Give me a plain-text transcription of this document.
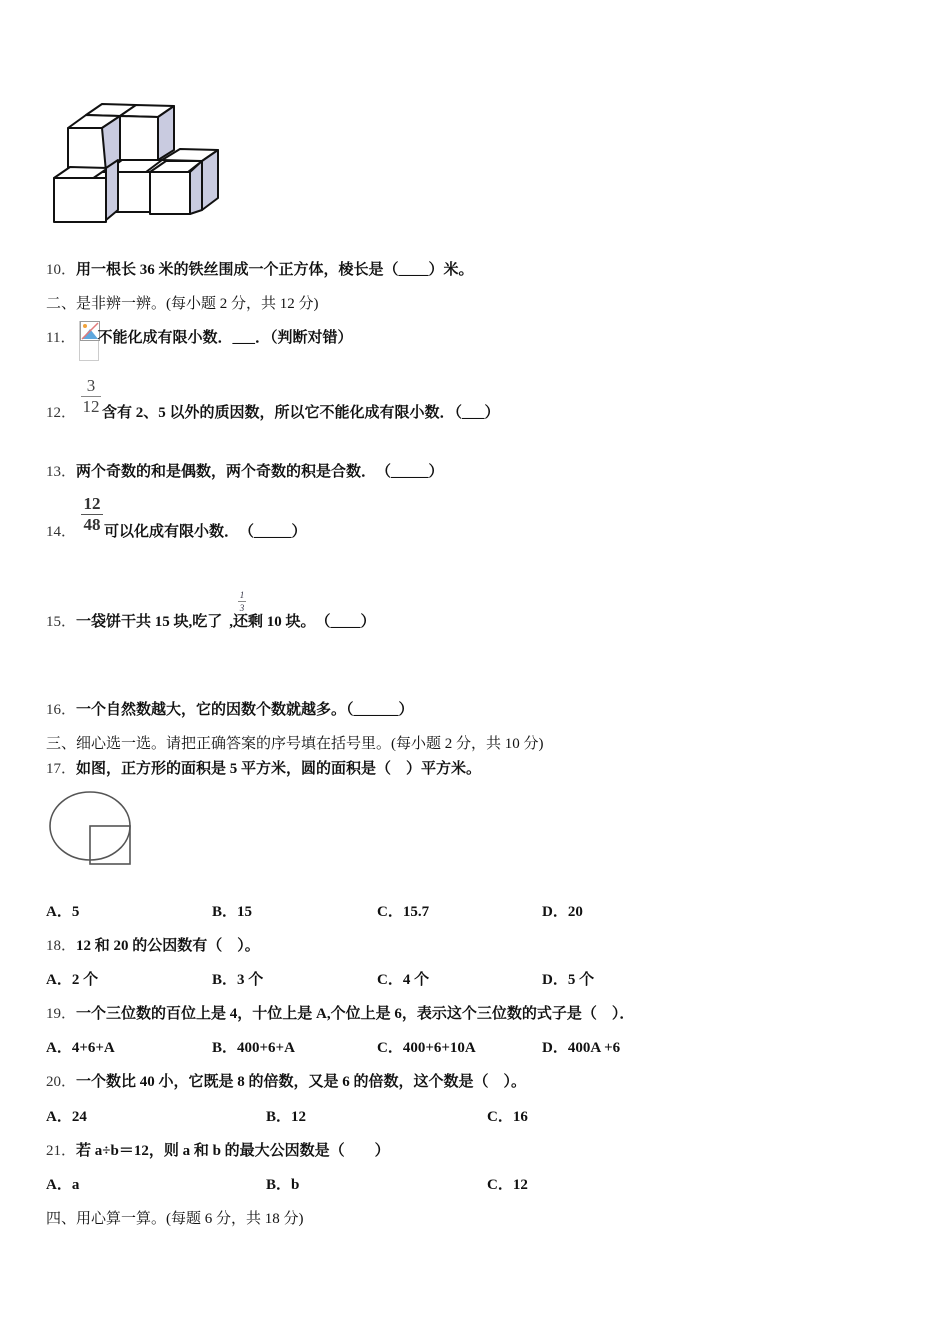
10．用一根长 36 米的铁丝围成一个正方体，棱长是（____）米。
二、是非辨一辨。(每小题 2 分，共 12 分)
11． 不能化成有限小数．___．（判断对错）
3
12
12． 含有 2、5 以外的质因数，所以它不能化成有限小数．（___）
13．两个奇数的和是偶数，两个奇数的积是合数．　（_____）
12
48
14． 可以化成有限小数．　（_____）
1
3
15．一袋饼干共 15 块,吃了 ,还剩 10 块。　（____）
16．一个自然数越大，它的因数个数就越多。（______）
三、细心选一选。请把正确答案的序号填在括号里。(每小题 2 分，共 10 分)
17．如图，正方形的面积是 5 平方米，圆的面积是（　）平方米。
A．5	B．15	C．15.7	D．20
18．12 和 20 的公因数有（　）。
A．2 个	B．3 个	C．4 个	D．5 个
19．一个三位数的百位上是 4，十位上是 A,个位上是 6，表示这个三位数的式子是（　）．
A．4+6+A	B．400+6+A	C．400+6+10A	D．400A +6
20．一个数比 40 小，它既是 8 的倍数，又是 6 的倍数，这个数是（　）。
A．24	B．12	C．16
21．若 a÷b＝12，则 a 和 b 的最大公因数是（　　）
A．a	B．b	C．12
四、用心算一算。(每题 6 分，共 18 分)
